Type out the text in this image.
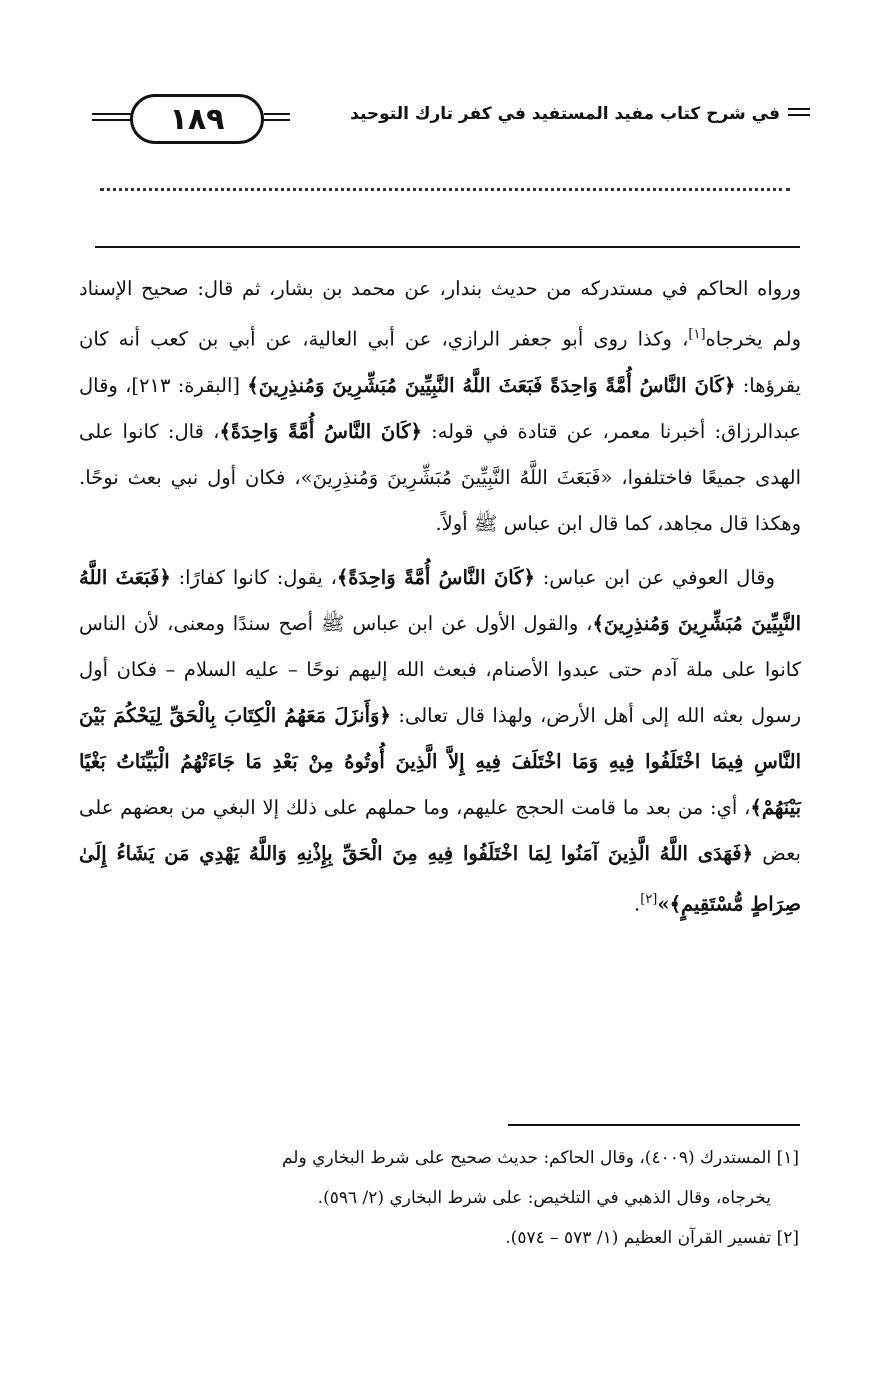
١٨٩	في شرح كتاب مفيد المستفيد في كفر تارك التوحيد

ورواه الحاكم في مستدركه من حديث بندار، عن محمد بن بشار، ثم قال: صحيح الإسناد ولم يخرجاه[١]، وكذا روى أبو جعفر الرازي، عن أبي العالية، عن أبي بن كعب أنه كان يقرؤها: ﴿كَانَ النَّاسُ أُمَّةً وَاحِدَةً فَبَعَثَ اللَّهُ النَّبِيِّينَ مُبَشِّرِينَ وَمُنذِرِينَ﴾ [البقرة: ٢١٣]، وقال عبدالرزاق: أخبرنا معمر، عن قتادة في قوله: ﴿كَانَ النَّاسُ أُمَّةً وَاحِدَةً﴾، قال: كانوا على الهدى جميعًا فاختلفوا، «فَبَعَثَ اللَّهُ النَّبِيِّينَ مُبَشِّرِينَ وَمُنذِرِينَ»، فكان أول نبي بعث نوحًا. وهكذا قال مجاهد، كما قال ابن عباس ﷺ أولاً.

وقال العوفي عن ابن عباس: ﴿كَانَ النَّاسُ أُمَّةً وَاحِدَةً﴾، يقول: كانوا كفارًا: ﴿فَبَعَثَ اللَّهُ النَّبِيِّينَ مُبَشِّرِينَ وَمُنذِرِينَ﴾، والقول الأول عن ابن عباس ﷺ أصح سندًا ومعنى، لأن الناس كانوا على ملة آدم حتى عبدوا الأصنام، فبعث الله إليهم نوحًا – عليه السلام – فكان أول رسول بعثه الله إلى أهل الأرض، ولهذا قال تعالى: ﴿وَأَنزَلَ مَعَهُمُ الْكِتَابَ بِالْحَقِّ لِيَحْكُمَ بَيْنَ النَّاسِ فِيمَا اخْتَلَفُوا فِيهِ وَمَا اخْتَلَفَ فِيهِ إِلاَّ الَّذِينَ أُوتُوهُ مِنْ بَعْدِ مَا جَاءَتْهُمُ الْبَيِّنَاتُ بَغْيًا بَيْنَهُمْ﴾، أي: من بعد ما قامت الحجج عليهم، وما حملهم على ذلك إلا البغي من بعضهم على بعض ﴿فَهَدَى اللَّهُ الَّذِينَ آمَنُوا لِمَا اخْتَلَفُوا فِيهِ مِنَ الْحَقِّ بِإِذْنِهِ وَاللَّهُ يَهْدِي مَن يَشَاءُ إِلَىٰ صِرَاطٍ مُّسْتَقِيمٍ﴾»[٢].

[١] المستدرك (٤٠٠٩)، وقال الحاكم: حديث صحيح على شرط البخاري ولم

يخرجاه، وقال الذهبي في التلخيص: على شرط البخاري (٢/ ٥٩٦).

[٢] تفسير القرآن العظيم (١/ ٥٧٣ – ٥٧٤).
